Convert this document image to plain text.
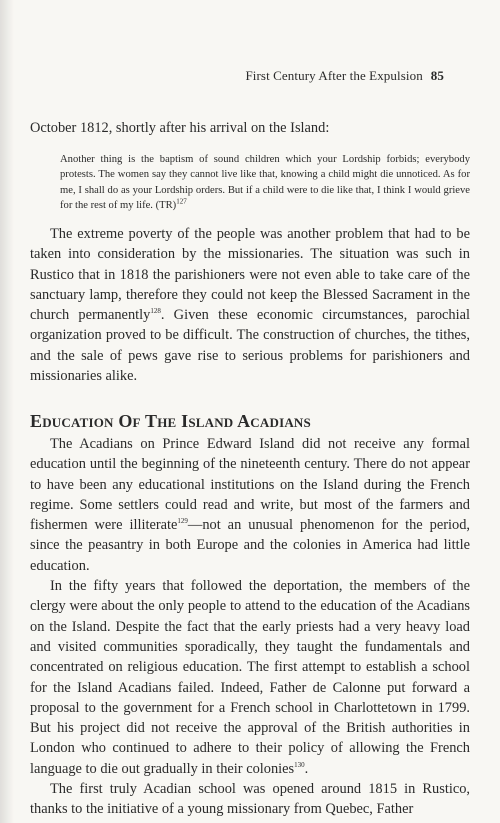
First Century After the Expulsion 85

October 1812, shortly after his arrival on the Island:

Another thing is the baptism of sound children which your Lordship forbids; everybody protests. The women say they cannot live like that, knowing a child might die unnoticed. As for me, I shall do as your Lordship orders. But if a child were to die like that, I think I would grieve for the rest of my life. (TR)$^{127}$

The extreme poverty of the people was another problem that had to be taken into consideration by the missionaries. The situation was such in Rustico that in 1818 the parishioners were not even able to take care of the sanctuary lamp, therefore they could not keep the Blessed Sacrament in the church permanently$^{128}$. Given these economic circumstances, parochial organization proved to be difficult. The construction of churches, the tithes, and the sale of pews gave rise to serious problems for parishioners and missionaries alike.

Education Of The Island Acadians

The Acadians on Prince Edward Island did not receive any formal education until the beginning of the nineteenth century. There do not appear to have been any educational institutions on the Island during the French regime. Some settlers could read and write, but most of the farmers and fishermen were illiterate$^{129}$—not an unusual phenomenon for the period, since the peasantry in both Europe and the colonies in America had little education.

In the fifty years that followed the deportation, the members of the clergy were about the only people to attend to the education of the Acadians on the Island. Despite the fact that the early priests had a very heavy load and visited communities sporadically, they taught the fundamentals and concentrated on religious education. The first attempt to establish a school for the Island Acadians failed. Indeed, Father de Calonne put forward a proposal to the government for a French school in Charlottetown in 1799. But his project did not receive the approval of the British authorities in London who continued to adhere to their policy of allowing the French language to die out gradually in their colonies$^{130}$.

The first truly Acadian school was opened around 1815 in Rustico, thanks to the initiative of a young missionary from Quebec, Father
